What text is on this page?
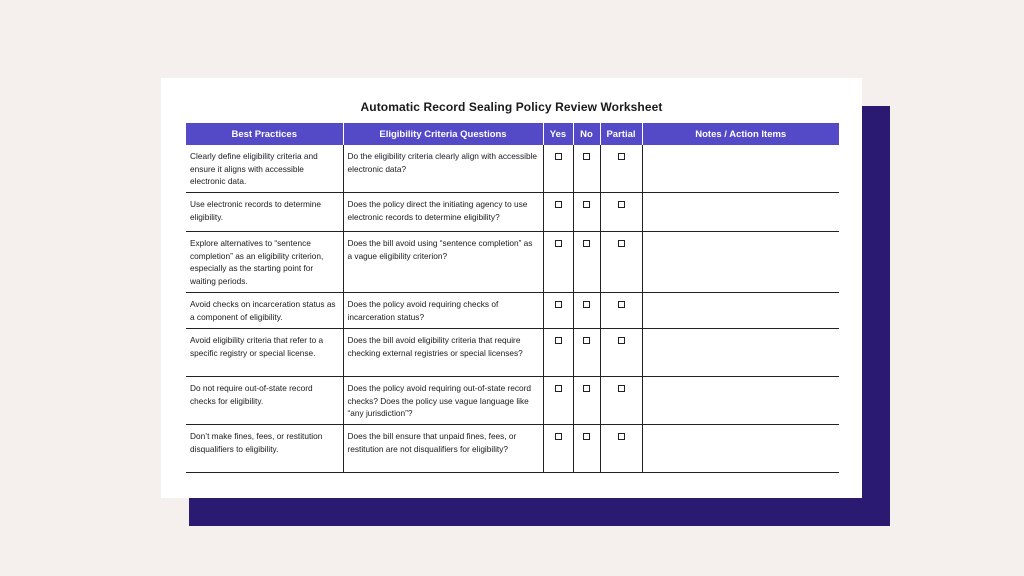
Automatic Record Sealing Policy Review Worksheet
Best Practices	Eligibility Criteria Questions	Yes	No	Partial	Notes / Action Items
Clearly define eligibility criteria and ensure it aligns with accessible electronic data.	Do the eligibility criteria clearly align with accessible electronic data?				
Use electronic records to determine eligibility.	Does the policy direct the initiating agency to use electronic records to determine eligibility?				
Explore alternatives to “sentence completion” as an eligibility criterion, especially as the starting point for waiting periods.	Does the bill avoid using “sentence completion” as a vague eligibility criterion?				
Avoid checks on incarceration status as a component of eligibility.	Does the policy avoid requiring checks of incarceration status?				
Avoid eligibility criteria that refer to a specific registry or special license.	Does the bill avoid eligibility criteria that require checking external registries or special licenses?				
Do not require out-of-state record checks for eligibility.	Does the policy avoid requiring out-of-state record checks? Does the policy use vague language like “any jurisdiction”?				
Don’t make fines, fees, or restitution disqualifiers to eligibility.	Does the bill ensure that unpaid fines, fees, or restitution are not disqualifiers for eligibility?				
